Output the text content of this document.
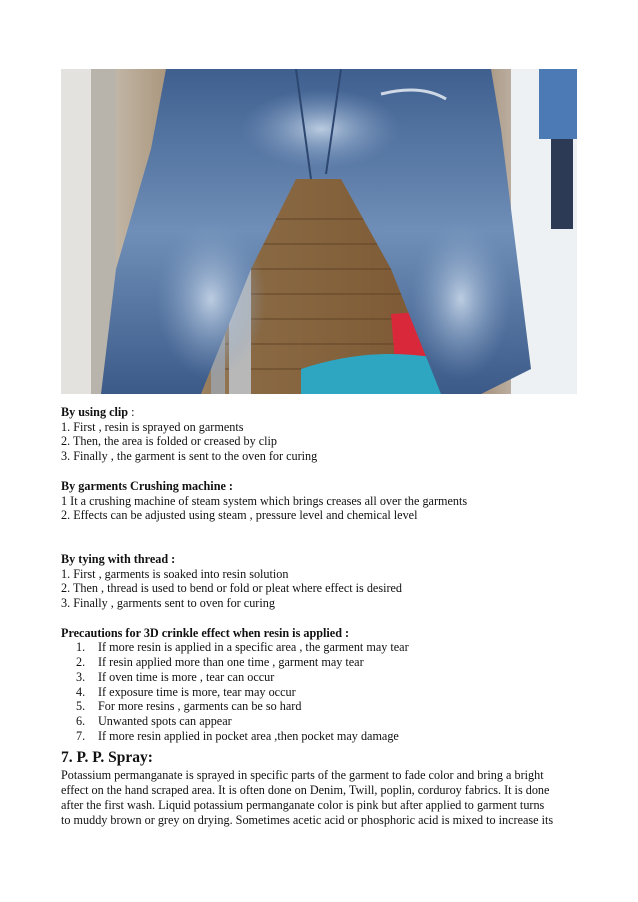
By using clip :
1. First , resin is sprayed on garments
2. Then, the area is folded or creased by clip
3. Finally , the garment is sent to the oven for curing
By garments Crushing machine :
1 It a crushing machine of steam system which brings creases all over the garments
2. Effects can be adjusted using steam , pressure level and chemical level
By tying with thread :
1. First , garments is soaked into resin solution
2. Then , thread is used to bend or fold or pleat where effect is desired
3. Finally , garments sent to oven for curing
Precautions for 3D crinkle effect when resin is applied :
1. If more resin is applied in a specific area , the garment may tear
2. If resin applied more than one time , garment may tear
3. If oven time is more , tear can occur
4. If exposure time is more, tear may occur
5. For more resins , garments can be so hard
6. Unwanted spots can appear
7. If more resin applied in pocket area ,then pocket may damage
7. P. P. Spray:
Potassium permanganate is sprayed in specific parts of the garment to fade color and bring a bright
effect on the hand scraped area. It is often done on Denim, Twill, poplin, corduroy fabrics. It is done
after the first wash. Liquid potassium permanganate color is pink but after applied to garment turns
to muddy brown or grey on drying. Sometimes acetic acid or phosphoric acid is mixed to increase its
